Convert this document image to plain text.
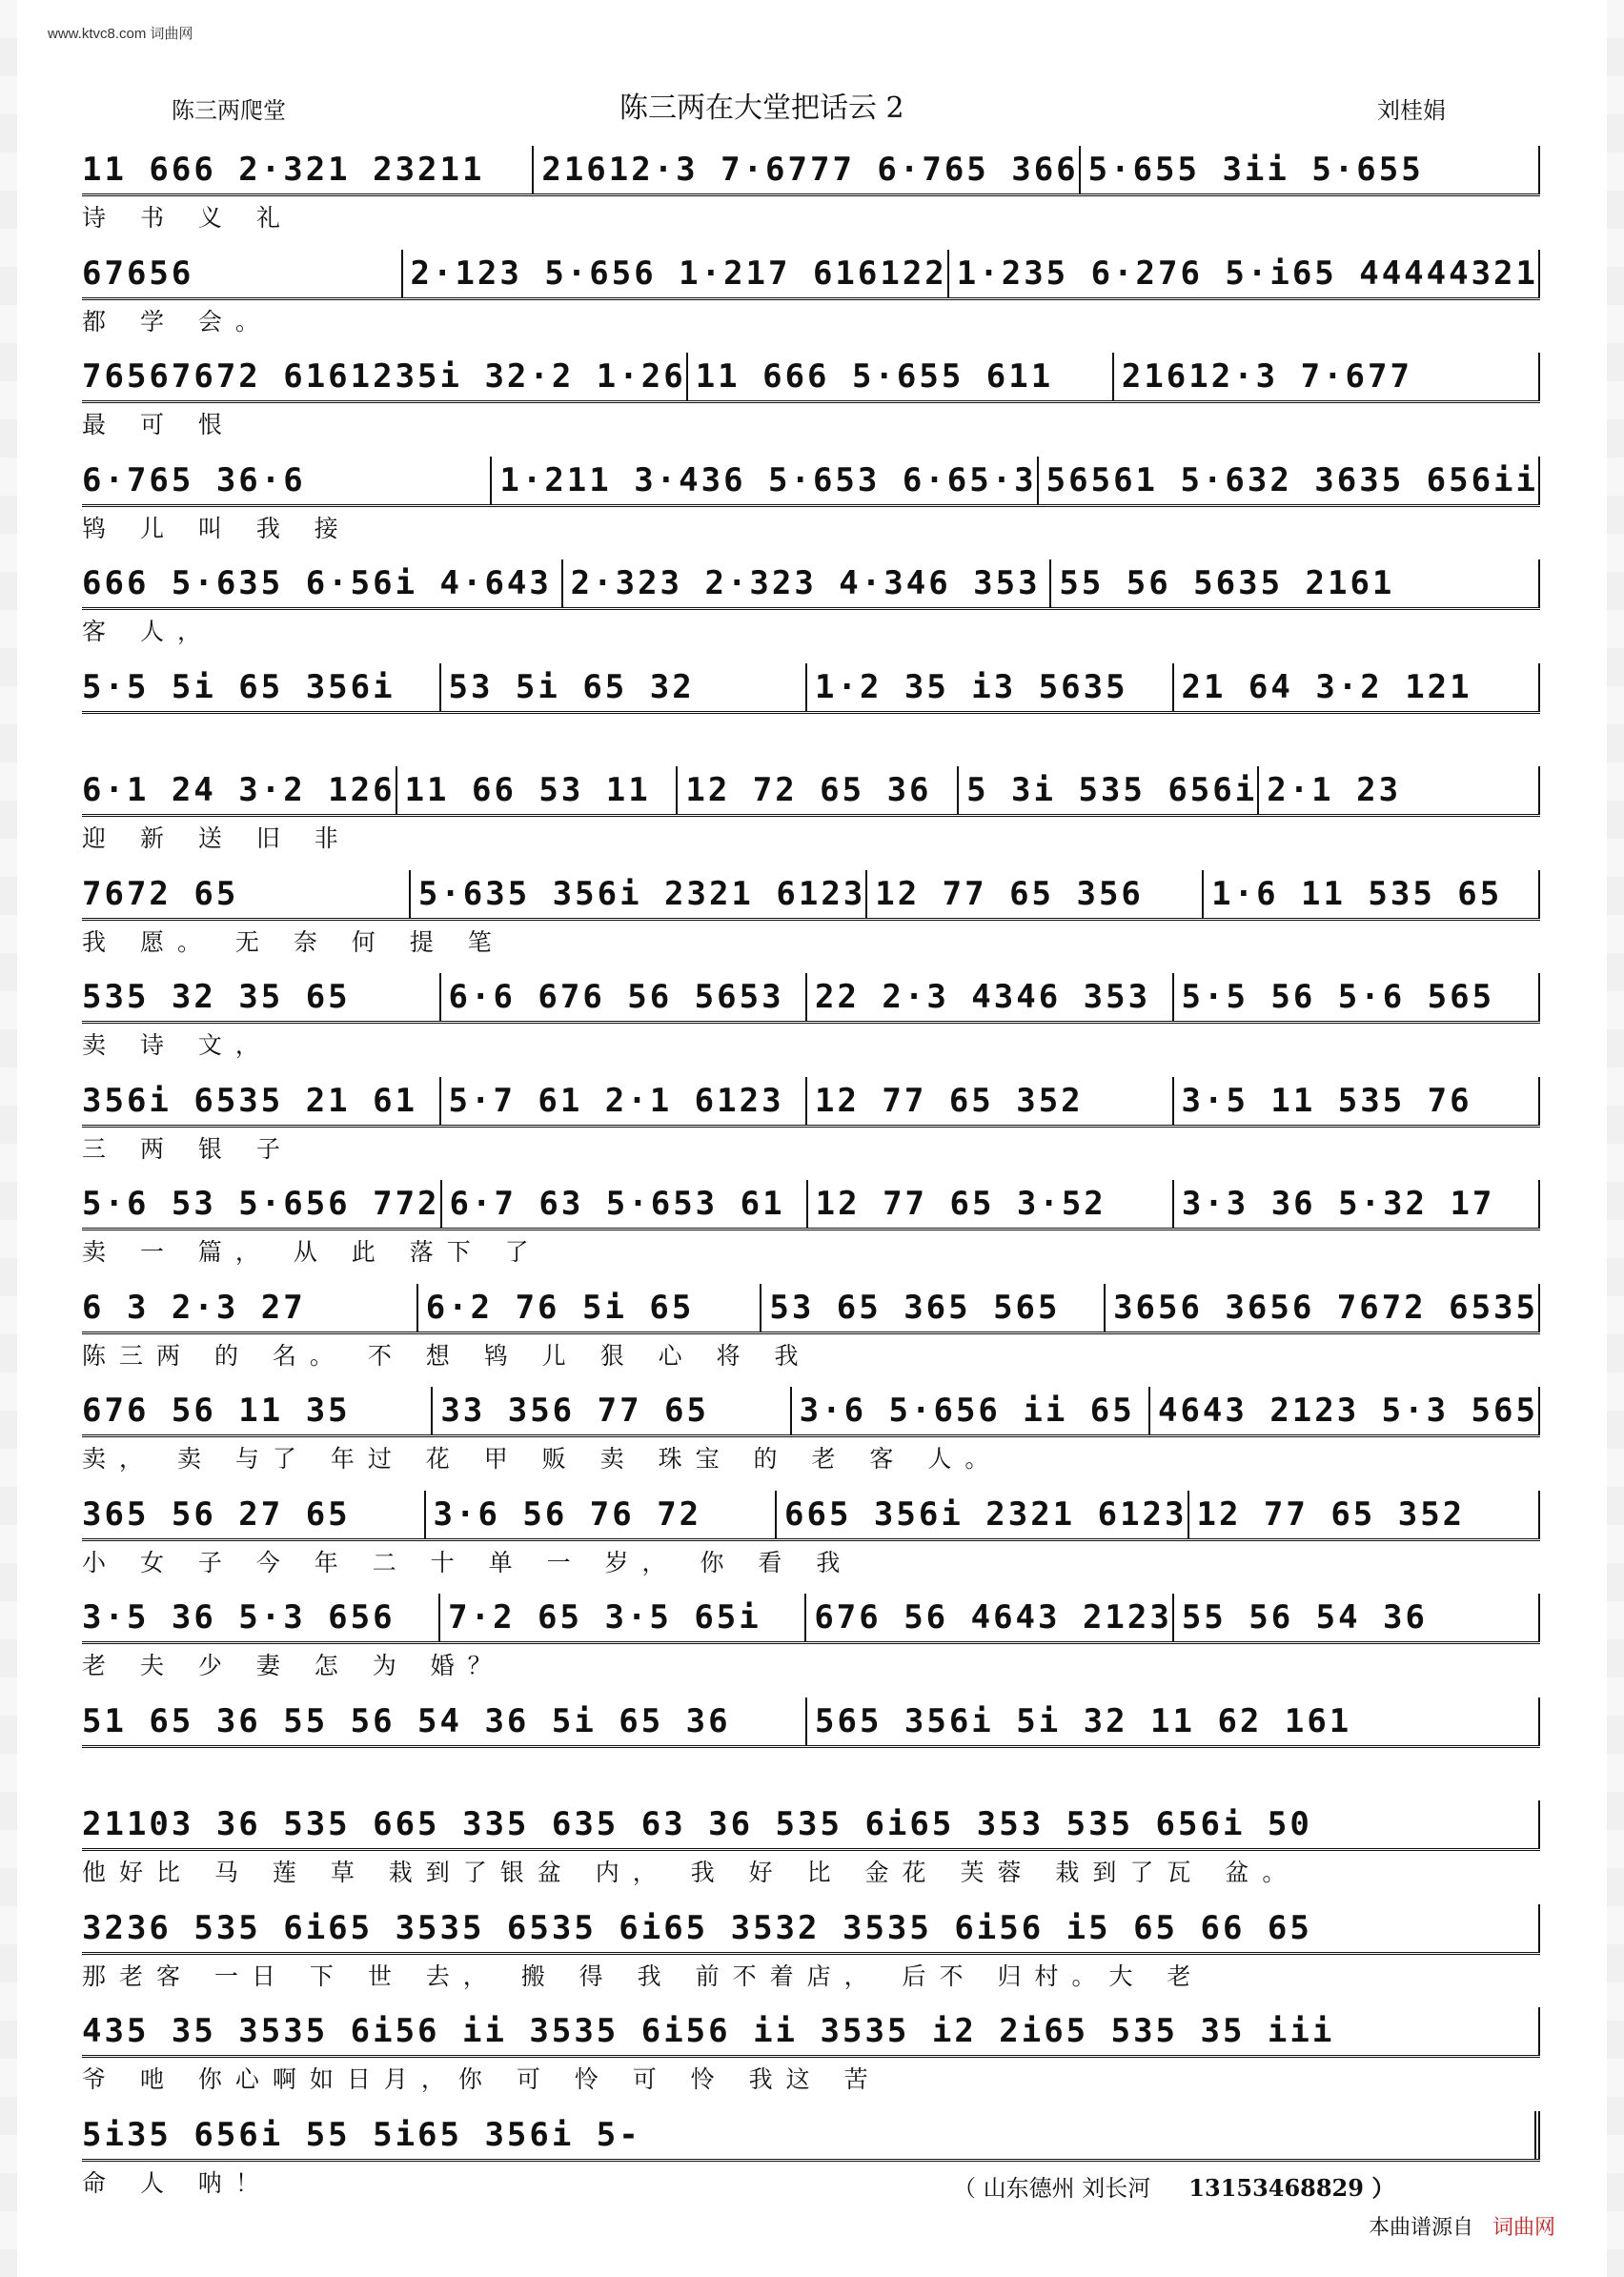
www.ktvc8.com 词曲网
陈三两爬堂	陈三两在大堂把话云 2	刘桂娟
11 666 2·321 23211	21612·3 7·6777 6·765 366 5·655 3ii 5·655
诗 书 义 礼
67656	2·123 5·656 1·217 616122 1·235 6·276 5·i65 44444321
都 学 会。
76567672 6161235i 32·2 1·26 11 666 5·655 611	21612·3 7·677
最 可 恨
6·765 36·6	1·211 3·436 5·653 6·65·3 56561 5·632 3635 656ii
鸨 儿 叫 我 接
666 5·635 6·56i 4·643 2·323 2·323 4·346 353 55 56 5635 2161
客 人，
5·5 5i 65 356i	53 5i 65 32	1·2 35 i3 5635	21 64 3·2 121
6·1 24 3·2 126 11 66 53 11	12 72 65 36	5 3i 535 656i 2·1 23
迎 新 送 旧 非
7672 65	5·635 356i 2321 6123 12 77 65 356	1·6 11 535 65
我 愿。 无 奈 何 提 笔
535 32 35 65	6·6 676 56 5653 22 2·3 4346 353 5·5 56 5·6 565
卖 诗 文，
356i 6535 21 61 5·7 61 2·1 6123 12 77 65 352	3·5 11 535 76
三 两 银 子
5·6 53 5·656 772 6·7 63 5·653 61 12 77 65 3·52	3·3 36 5·32 17
卖 一 篇， 从 此 落下 了
6 3 2·3 27	6·2 76 5i 65	53 65 365 565	3656 3656 7672 6535
陈三两 的 名。 不 想 鸨 儿 狠 心 将 我
676 56 11 35	33 356 77 65	3·6 5·656 ii 65 4643 2123 5·3 565
卖， 卖 与了 年过 花 甲 贩 卖 珠宝 的 老 客 人。
365 56 27 65	3·6 56 76 72	665 356i 2321 6123 12 77 65 352
小 女 子 今 年 二 十 单 一 岁， 你 看 我
3·5 36 5·3 656	7·2 65 3·5 65i	676 56 4643 2123 55 56 54 36
老 夫 少 妻 怎 为 婚？
51 65 36 55 56 54 36 5i 65 36	565 356i 5i 32 11 62 161
21103 36 535 665 335 635 63 36 535 6i65 353 535 656i 50
他好比 马 莲 草 栽到了银盆 内， 我 好 比 金花 芙蓉 栽到了瓦 盆。
3236 535 6i65 3535 6535 6i65 3532 3535 6i56 i5 65 66 65
那老客 一日 下 世 去， 搬 得 我 前不着店， 后不 归村。大 老
435 35 3535 6i56 ii 3535 6i56 ii 3535 i2 2i65 535 35 iii
爷 吔 你心啊如日月，你 可 怜 可 怜 我这 苦
5i35 656i 55 5i65 356i 5-
命 人 呐！	（ 山东德州 刘长河 13153468829 ）
本曲谱源自 词曲网
